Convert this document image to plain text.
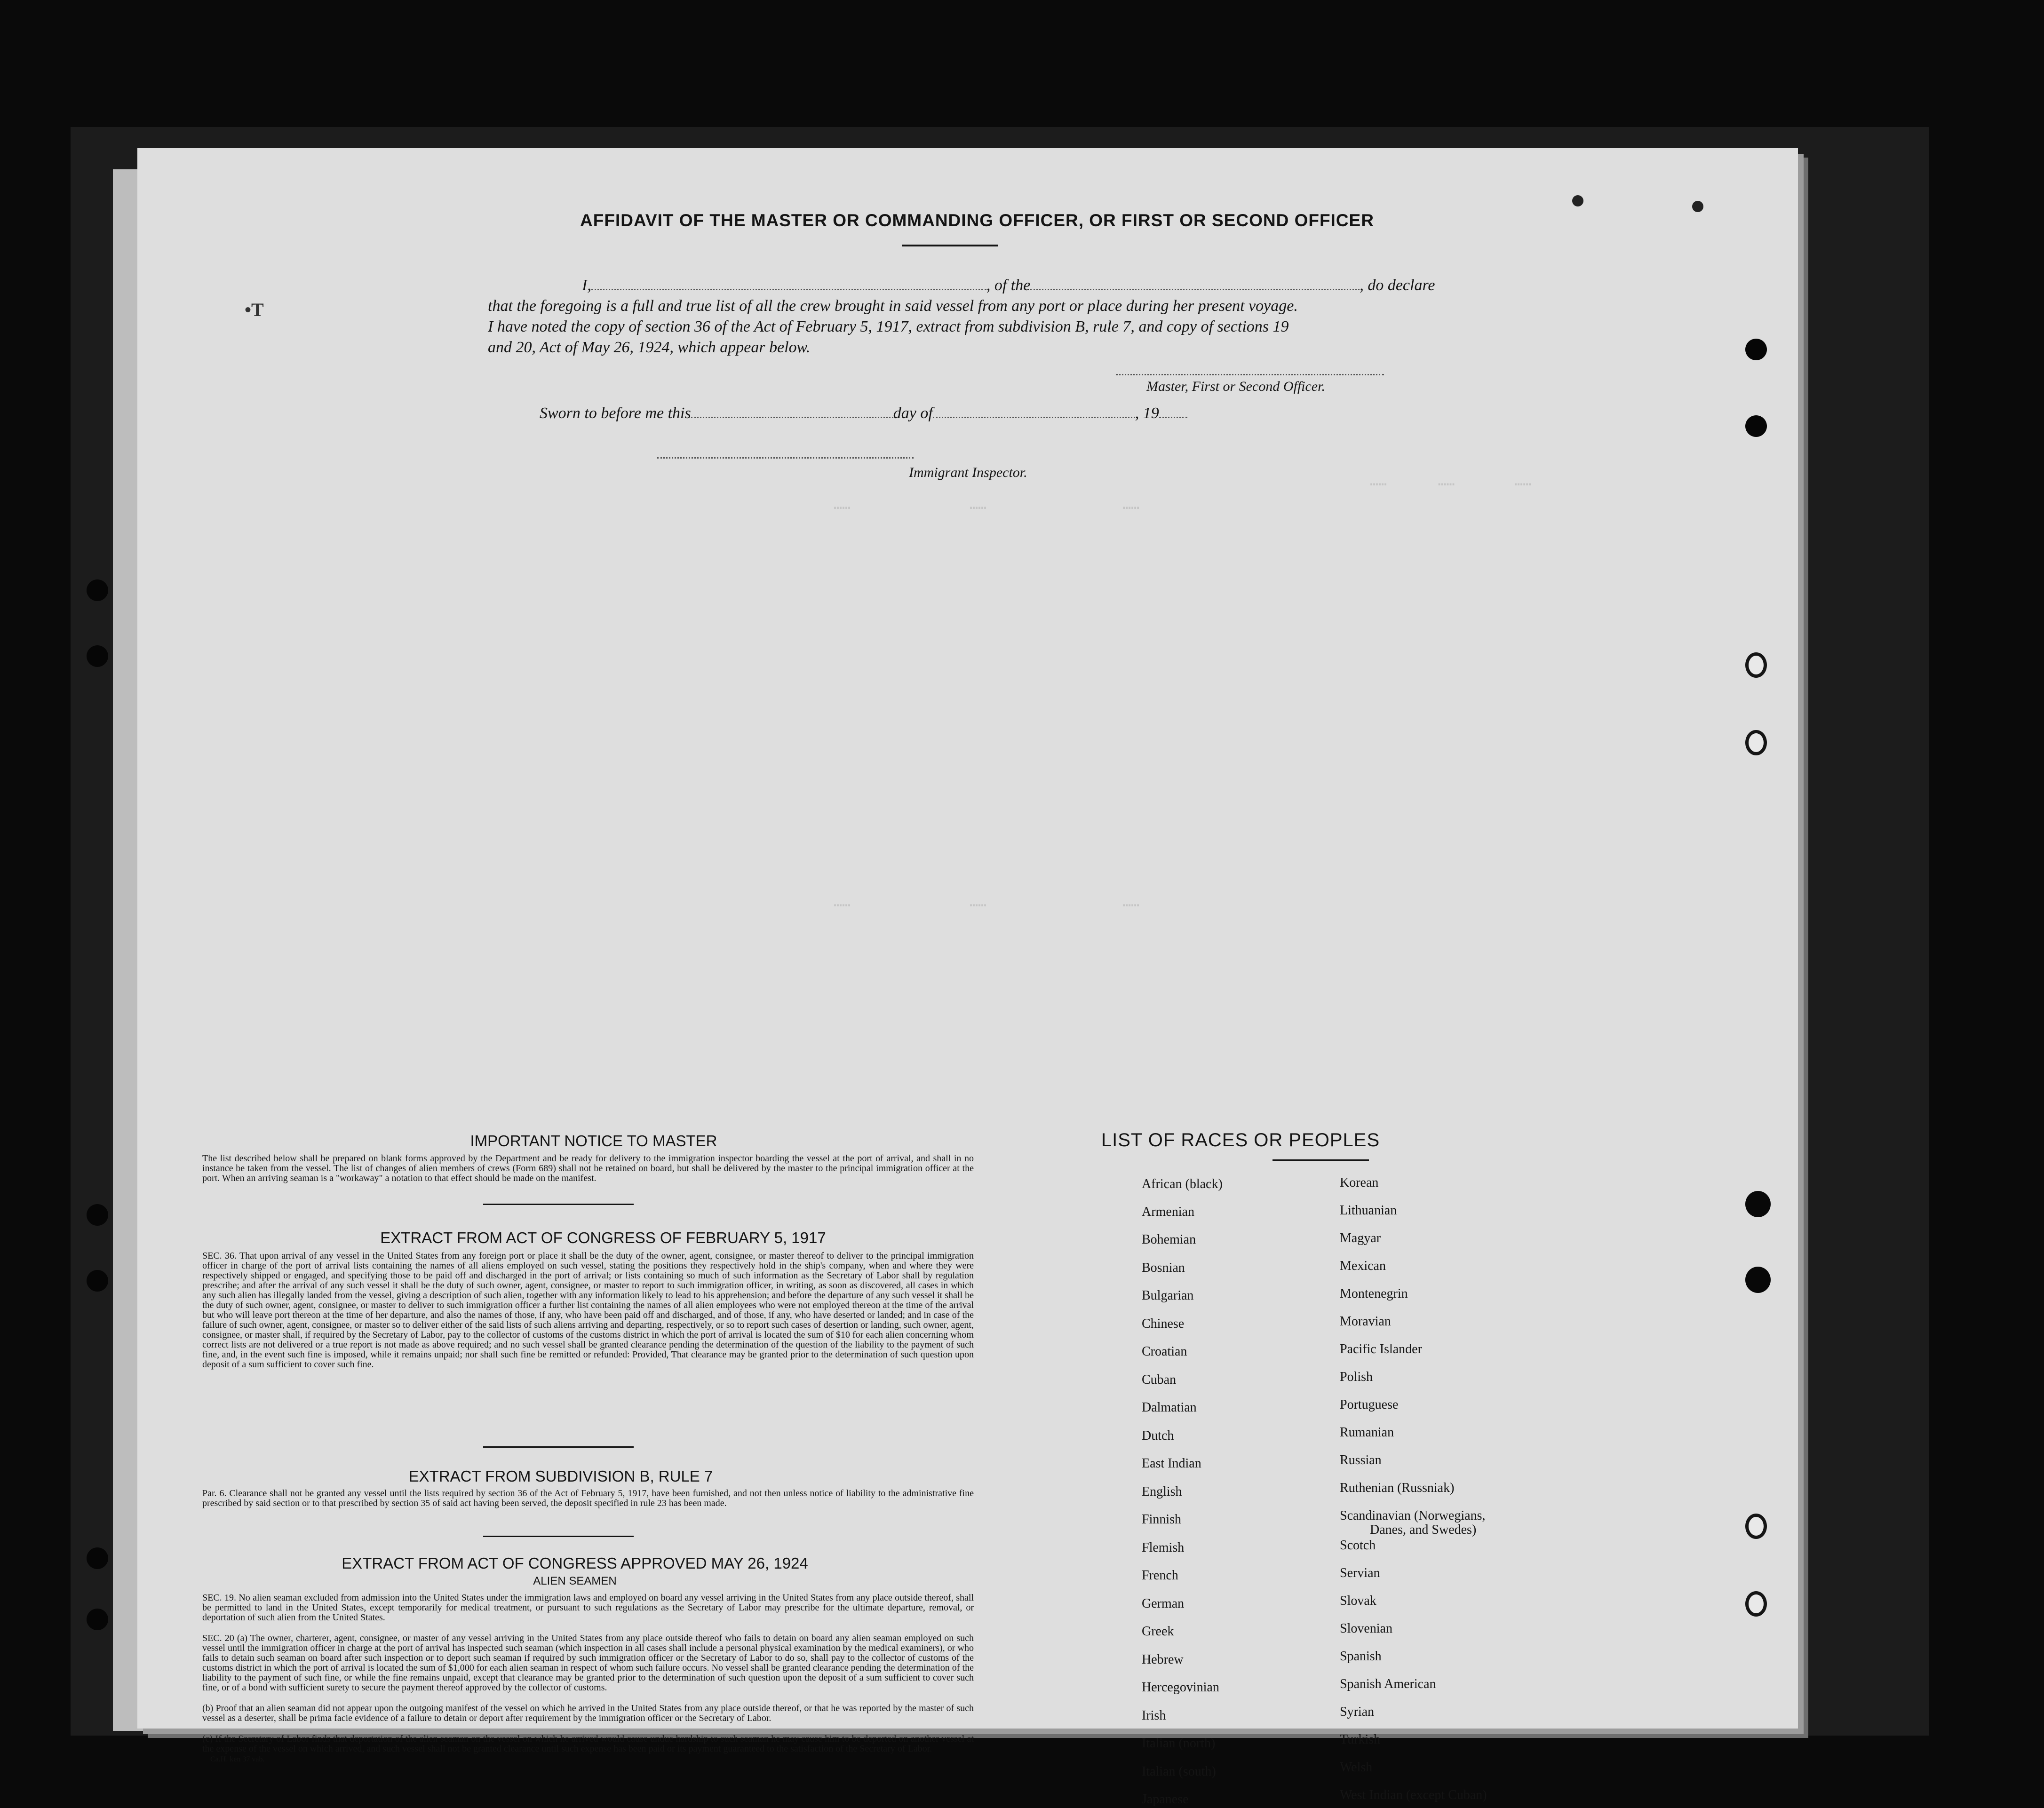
AFFIDAVIT OF THE MASTER OR COMMANDING OFFICER, OR FIRST OR SECOND OFFICER
I,	, of the	, do declare
that the foregoing is a full and true list of all the crew brought in said vessel from any port or place during her present voyage.
I have noted the copy of section 36 of the Act of February 5, 1917, extract from subdivision B, rule 7, and copy of sections 19
and 20, Act of May 26, 1924, which appear below.
Master, First or Second Officer.
Sworn to before me this	day of	, 19
Immigrant Inspector.
•T
……      ……       ……
……              ……                ……
……              ……                ……
IMPORTANT NOTICE TO MASTER
The list described below shall be prepared on blank forms approved by the Department and be ready for delivery to the immigration inspector boarding the vessel at the port of arrival, and shall in no instance be taken from the vessel. The list of changes of alien members of crews (Form 689) shall not be retained on board, but shall be delivered by the master to the principal immigration officer at the port. When an arriving seaman is a "workaway" a notation to that effect should be made on the manifest.
EXTRACT FROM ACT OF CONGRESS OF FEBRUARY 5, 1917
SEC. 36. That upon arrival of any vessel in the United States from any foreign port or place it shall be the duty of the owner, agent, consignee, or master thereof to deliver to the principal immigration officer in charge of the port of arrival lists containing the names of all aliens employed on such vessel, stating the positions they respectively hold in the ship's company, when and where they were respectively shipped or engaged, and specifying those to be paid off and discharged in the port of arrival; or lists containing so much of such information as the Secretary of Labor shall by regulation prescribe; and after the arrival of any such vessel it shall be the duty of such owner, agent, consignee, or master to report to such immigration officer, in writing, as soon as discovered, all cases in which any such alien has illegally landed from the vessel, giving a description of such alien, together with any information likely to lead to his apprehension; and before the departure of any such vessel it shall be the duty of such owner, agent, consignee, or master to deliver to such immigration officer a further list containing the names of all alien employees who were not employed thereon at the time of the arrival but who will leave port thereon at the time of her departure, and also the names of those, if any, who have been paid off and discharged, and of those, if any, who have deserted or landed; and in case of the failure of such owner, agent, consignee, or master so to deliver either of the said lists of such aliens arriving and departing, respectively, or so to report such cases of desertion or landing, such owner, agent, consignee, or master shall, if required by the Secretary of Labor, pay to the collector of customs of the customs district in which the port of arrival is located the sum of $10 for each alien concerning whom correct lists are not delivered or a true report is not made as above required; and no such vessel shall be granted clearance pending the determination of the question of the liability to the payment of such fine, and, in the event such fine is imposed, while it remains unpaid; nor shall such fine be remitted or refunded: Provided, That clearance may be granted prior to the determination of such question upon deposit of a sum sufficient to cover such fine.
EXTRACT FROM SUBDIVISION B, RULE 7
Par. 6. Clearance shall not be granted any vessel until the lists required by section 36 of the Act of February 5, 1917, have been furnished, and not then unless notice of liability to the administrative fine prescribed by said section or to that prescribed by section 35 of said act having been served, the deposit specified in rule 23 has been made.
EXTRACT FROM ACT OF CONGRESS APPROVED MAY 26, 1924
ALIEN SEAMEN
SEC. 19. No alien seaman excluded from admission into the United States under the immigration laws and employed on board any vessel arriving in the United States from any place outside thereof, shall be permitted to land in the United States, except temporarily for medical treatment, or pursuant to such regulations as the Secretary of Labor may prescribe for the ultimate departure, removal, or deportation of such alien from the United States.
SEC. 20 (a) The owner, charterer, agent, consignee, or master of any vessel arriving in the United States from any place outside thereof who fails to detain on board any alien seaman employed on such vessel until the immigration officer in charge at the port of arrival has inspected such seaman (which inspection in all cases shall include a personal physical examination by the medical examiners), or who fails to detain such seaman on board after such inspection or to deport such seaman if required by such immigration officer or the Secretary of Labor to do so, shall pay to the collector of customs of the customs district in which the port of arrival is located the sum of $1,000 for each alien seaman in respect of whom such failure occurs. No vessel shall be granted clearance pending the determination of the liability to the payment of such fine, or while the fine remains unpaid, except that clearance may be granted prior to the determination of such question upon the deposit of a sum sufficient to cover such fine, or of a bond with sufficient surety to secure the payment thereof approved by the collector of customs.
(b) Proof that an alien seaman did not appear upon the outgoing manifest of the vessel on which he arrived in the United States from any place outside thereof, or that he was reported by the master of such vessel as a deserter, shall be prima facie evidence of a failure to detain or deport after requirement by the immigration officer or the Secretary of Labor.
(c) If the Secretary of Labor finds that deportation of the alien seaman on the vessel on which he arrived would cause undue hardship to such seaman he may cause him to be deported on another vessel at the expense of the vessel on which arrived, and such vessel shall not be granted clearance until such expense has been paid or its payment guaranteed to the satisfaction of the Secretary of Labor.
LIST OF RACES OR PEOPLES
African (black)
Armenian
Bohemian
Bosnian
Bulgarian
Chinese
Croatian
Cuban
Dalmatian
Dutch
East Indian
English
Finnish
Flemish
French
German
Greek
Hebrew
Hercegovinian
Irish
Italian (north)
Italian (south)
Japanese
Korean
Lithuanian
Magyar
Mexican
Montenegrin
Moravian
Pacific Islander
Polish
Portuguese
Rumanian
Russian
Ruthenian (Russniak)
Scandinavian (Norwegians,
Danes, and Swedes)
Scotch
Servian
Slovak
Slovenian
Spanish
Spanish American
Syrian
Turkish
Welsh
West Indian (except Cuban)
Ca.H. ken 37 vab.
